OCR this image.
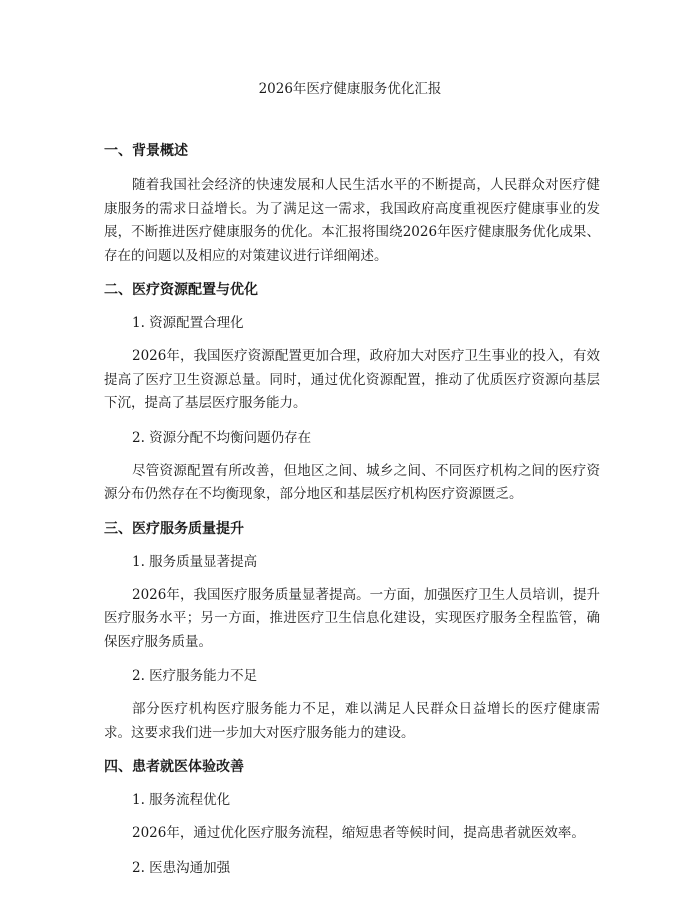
2026年医疗健康服务优化汇报

一、背景概述

随着我国社会经济的快速发展和人民生活水平的不断提高，人民群众对医疗健康服务的需求日益增长。为了满足这一需求，我国政府高度重视医疗健康事业的发展，不断推进医疗健康服务的优化。本汇报将围绕2026年医疗健康服务优化成果、存在的问题以及相应的对策建议进行详细阐述。

二、医疗资源配置与优化

1. 资源配置合理化

2026年，我国医疗资源配置更加合理，政府加大对医疗卫生事业的投入，有效提高了医疗卫生资源总量。同时，通过优化资源配置，推动了优质医疗资源向基层下沉，提高了基层医疗服务能力。

2. 资源分配不均衡问题仍存在

尽管资源配置有所改善，但地区之间、城乡之间、不同医疗机构之间的医疗资源分布仍然存在不均衡现象，部分地区和基层医疗机构医疗资源匮乏。

三、医疗服务质量提升

1. 服务质量显著提高

2026年，我国医疗服务质量显著提高。一方面，加强医疗卫生人员培训，提升医疗服务水平；另一方面，推进医疗卫生信息化建设，实现医疗服务全程监管，确保医疗服务质量。

2. 医疗服务能力不足

部分医疗机构医疗服务能力不足，难以满足人民群众日益增长的医疗健康需求。这要求我们进一步加大对医疗服务能力的建设。

四、患者就医体验改善

1. 服务流程优化

2026年，通过优化医疗服务流程，缩短患者等候时间，提高患者就医效率。

2. 医患沟通加强
